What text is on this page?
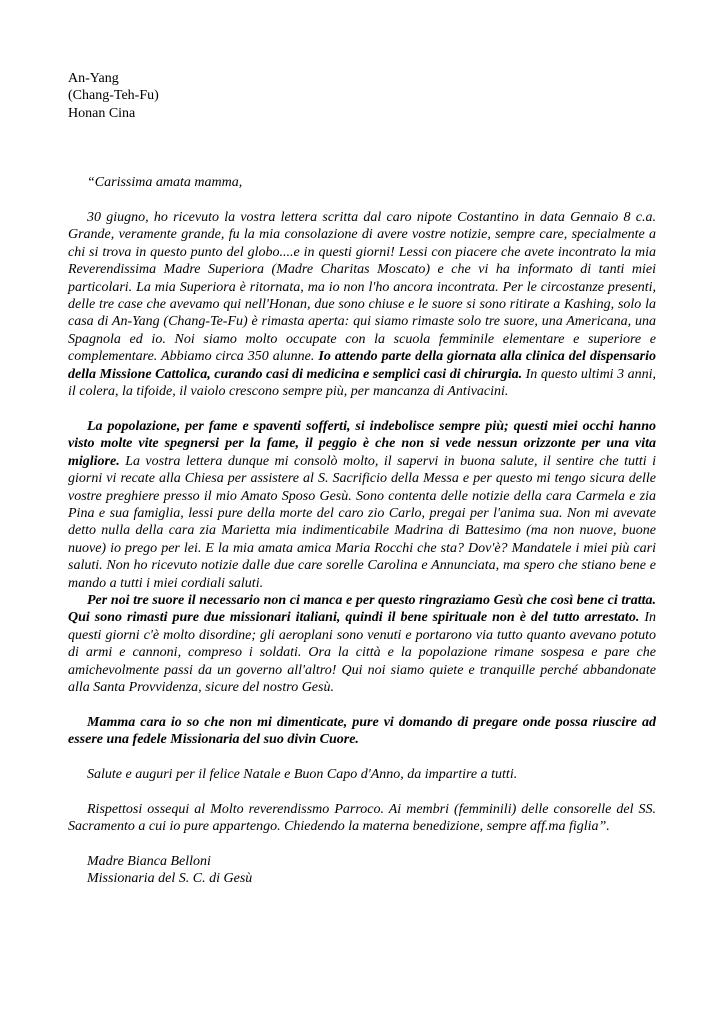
An-Yang
(Chang-Teh-Fu)
Honan Cina

“Carissima amata mamma,

30 giugno, ho ricevuto la vostra lettera scritta dal caro nipote Costantino in data Gennaio 8 c.a. Grande, veramente grande, fu la mia consolazione di avere vostre notizie, sempre care, specialmente a chi si trova in questo punto del globo....e in questi giorni! Lessi con piacere che avete incontrato la mia Reverendissima Madre Superiora (Madre Charitas Moscato) e che vi ha informato di tanti miei particolari. La mia Superiora è ritornata, ma io non l'ho ancora incontrata. Per le circostanze presenti, delle tre case che avevamo qui nell'Honan, due sono chiuse e le suore si sono ritirate a Kashing, solo la casa di An-Yang (Chang-Te-Fu) è rimasta aperta: qui siamo rimaste solo tre suore, una Americana, una Spagnola ed io. Noi siamo molto occupate con la scuola femminile elementare e superiore e complementare. Abbiamo circa 350 alunne. Io attendo parte della giornata alla clinica del dispensario della Missione Cattolica, curando casi di medicina e semplici casi di chirurgia. In questo ultimi 3 anni, il colera, la tifoide, il vaiolo crescono sempre più, per mancanza di Antivacini.

La popolazione, per fame e spaventi sofferti, si indebolisce sempre più; questi miei occhi hanno visto molte vite spegnersi per la fame, il peggio è che non si vede nessun orizzonte per una vita migliore. La vostra lettera dunque mi consolò molto, il sapervi in buona salute, il sentire che tutti i giorni vi recate alla Chiesa per assistere al S. Sacrificio della Messa e per questo mi tengo sicura delle vostre preghiere presso il mio Amato Sposo Gesù. Sono contenta delle notizie della cara Carmela e zia Pina e sua famiglia, lessi pure della morte del caro zio Carlo, pregai per l'anima sua. Non mi avevate detto nulla della cara zia Marietta mia indimenticabile Madrina di Battesimo (ma non nuove, buone nuove) io prego per lei. E la mia amata amica Maria Rocchi che sta? Dov'è? Mandatele i miei più cari saluti. Non ho ricevuto notizie dalle due care sorelle Carolina e Annunciata, ma spero che stiano bene e mando a tutti i miei cordiali saluti.

Per noi tre suore il necessario non ci manca e per questo ringraziamo Gesù che così bene ci tratta. Qui sono rimasti pure due missionari italiani, quindi il bene spirituale non è del tutto arrestato. In questi giorni c'è molto disordine; gli aeroplani sono venuti e portarono via tutto quanto avevano potuto di armi e cannoni, compreso i soldati. Ora la città e la popolazione rimane sospesa e pare che amichevolmente passi da un governo all'altro! Qui noi siamo quiete e tranquille perché abbandonate alla Santa Provvidenza, sicure del nostro Gesù.

Mamma cara io so che non mi dimenticate, pure vi domando di pregare onde possa riuscire ad essere una fedele Missionaria del suo divin Cuore.

Salute e auguri per il felice Natale e Buon Capo d'Anno, da impartire a tutti.

Rispettosi ossequi al Molto reverendissmo Parroco. Ai membri (femminili) delle consorelle del SS. Sacramento a cui io pure appartengo. Chiedendo la materna benedizione, sempre aff.ma figlia”.

Madre Bianca Belloni
Missionaria del S. C. di Gesù
